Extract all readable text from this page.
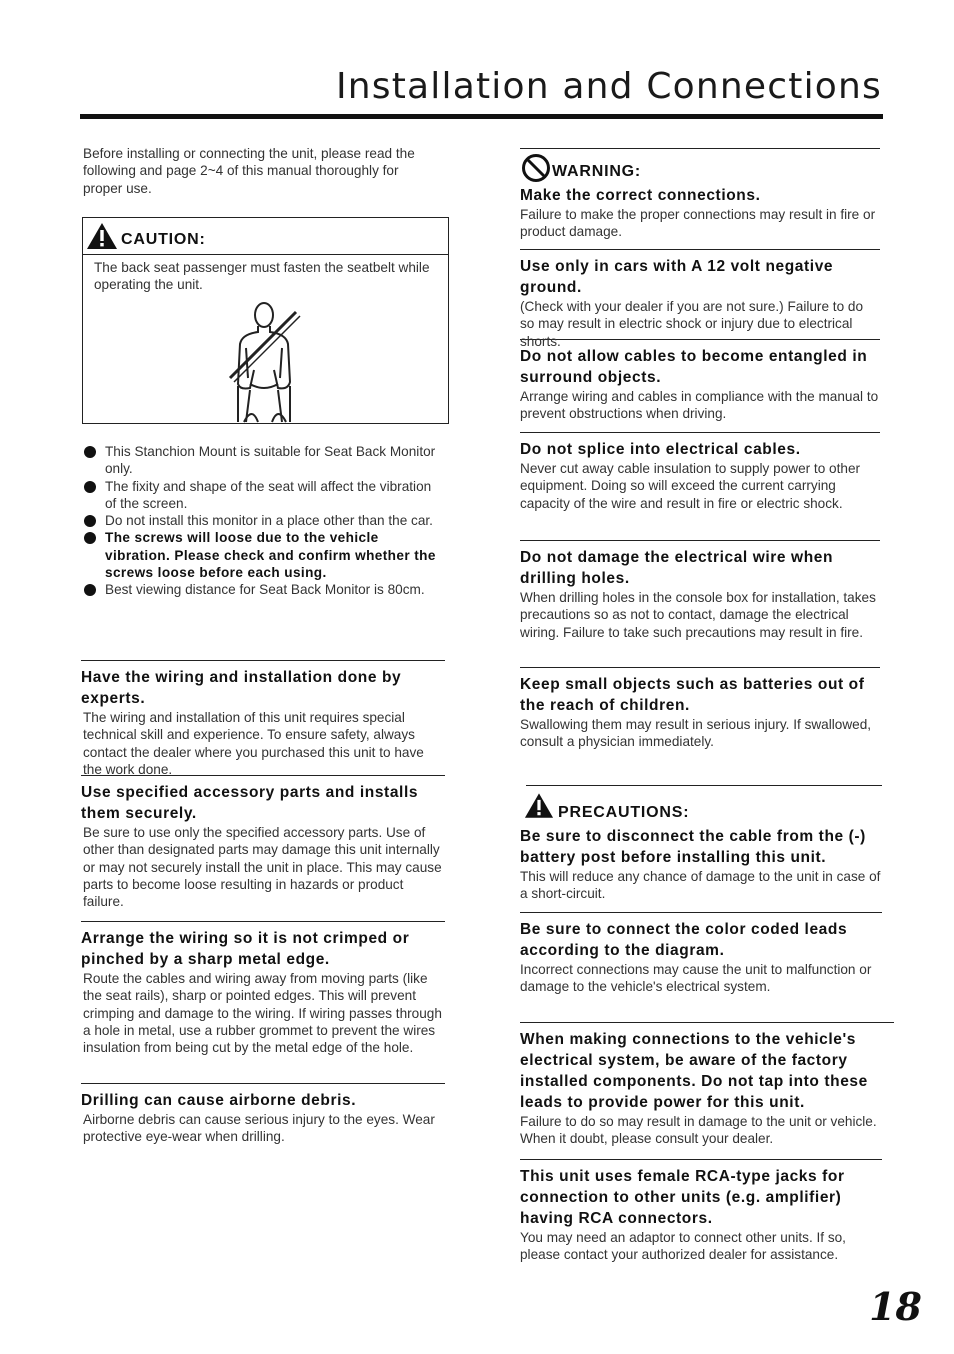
Installation and Connections
Before installing or connecting the unit, please read the following and page 2~4 of this manual thoroughly for proper use.
CAUTION:
The back seat passenger must fasten the seatbelt while operating the unit.
This Stanchion Mount is suitable for Seat Back Monitor only.
The fixity and shape of the seat will affect the vibration of the screen.
Do not install this monitor in a place other than the car.
The screws will loose due to the vehicle vibration. Please check and confirm whether the screws loose before each using.
Best viewing distance for Seat Back Monitor is 80cm.
Have the wiring and installation done by experts.
The wiring and installation of this unit requires special technical skill and experience. To ensure safety, always contact the dealer where you purchased this unit to have the work done.
Use specified accessory parts and installs them securely.
Be sure to use only the specified accessory parts. Use of other than designated parts may damage this unit internally or may not securely install the unit in place. This may cause parts to become loose resulting in hazards or product failure.
Arrange the wiring so it is not crimped or pinched by a sharp metal edge.
Route the cables and wiring away from moving parts (like the seat rails), sharp or pointed edges. This will prevent crimping and damage to the wiring. If wiring passes through a hole in metal, use a rubber grommet to prevent the wires insulation from being cut by the metal edge of the hole.
Drilling can cause airborne debris.
Airborne debris can cause serious injury to the eyes. Wear protective eye-wear when drilling.
WARNING:
Make the correct connections.
Failure to make the proper connections may result in fire or product damage.
Use only in cars with A 12 volt negative ground.
(Check with your dealer if you are not sure.) Failure to do so may result in electric shock or injury due to electrical shorts.
Do not allow cables to become entangled in surround objects.
Arrange wiring and cables in compliance with the manual to prevent obstructions when driving.
Do not splice into electrical cables.
Never cut away cable insulation to supply power to other equipment. Doing so will exceed the current carrying capacity of the wire and result in fire or electric shock.
Do not damage the electrical wire when drilling holes.
When drilling holes in the console box for installation, takes precautions so as not to contact, damage the electrical wiring. Failure to take such precautions may result in fire.
Keep small objects such as batteries out of the reach of children.
Swallowing them may result in serious injury. If swallowed, consult a physician immediately.
PRECAUTIONS:
Be sure to disconnect the cable from the (-) battery post before installing this unit.
This will reduce any chance of damage to the unit in case of a short-circuit.
Be sure to connect the color coded leads according to the diagram.
Incorrect connections may cause the unit to malfunction or damage to the vehicle's electrical system.
When making connections to the vehicle's electrical system, be aware of the factory installed components. Do not tap into these leads to provide power for this unit.
Failure to do so may result in damage to the unit or vehicle. When it doubt, please consult your dealer.
This unit uses female RCA-type jacks for connection to other units (e.g. amplifier) having RCA connectors.
You may need an adaptor to connect other units. If so, please contact your authorized dealer for assistance.
18
